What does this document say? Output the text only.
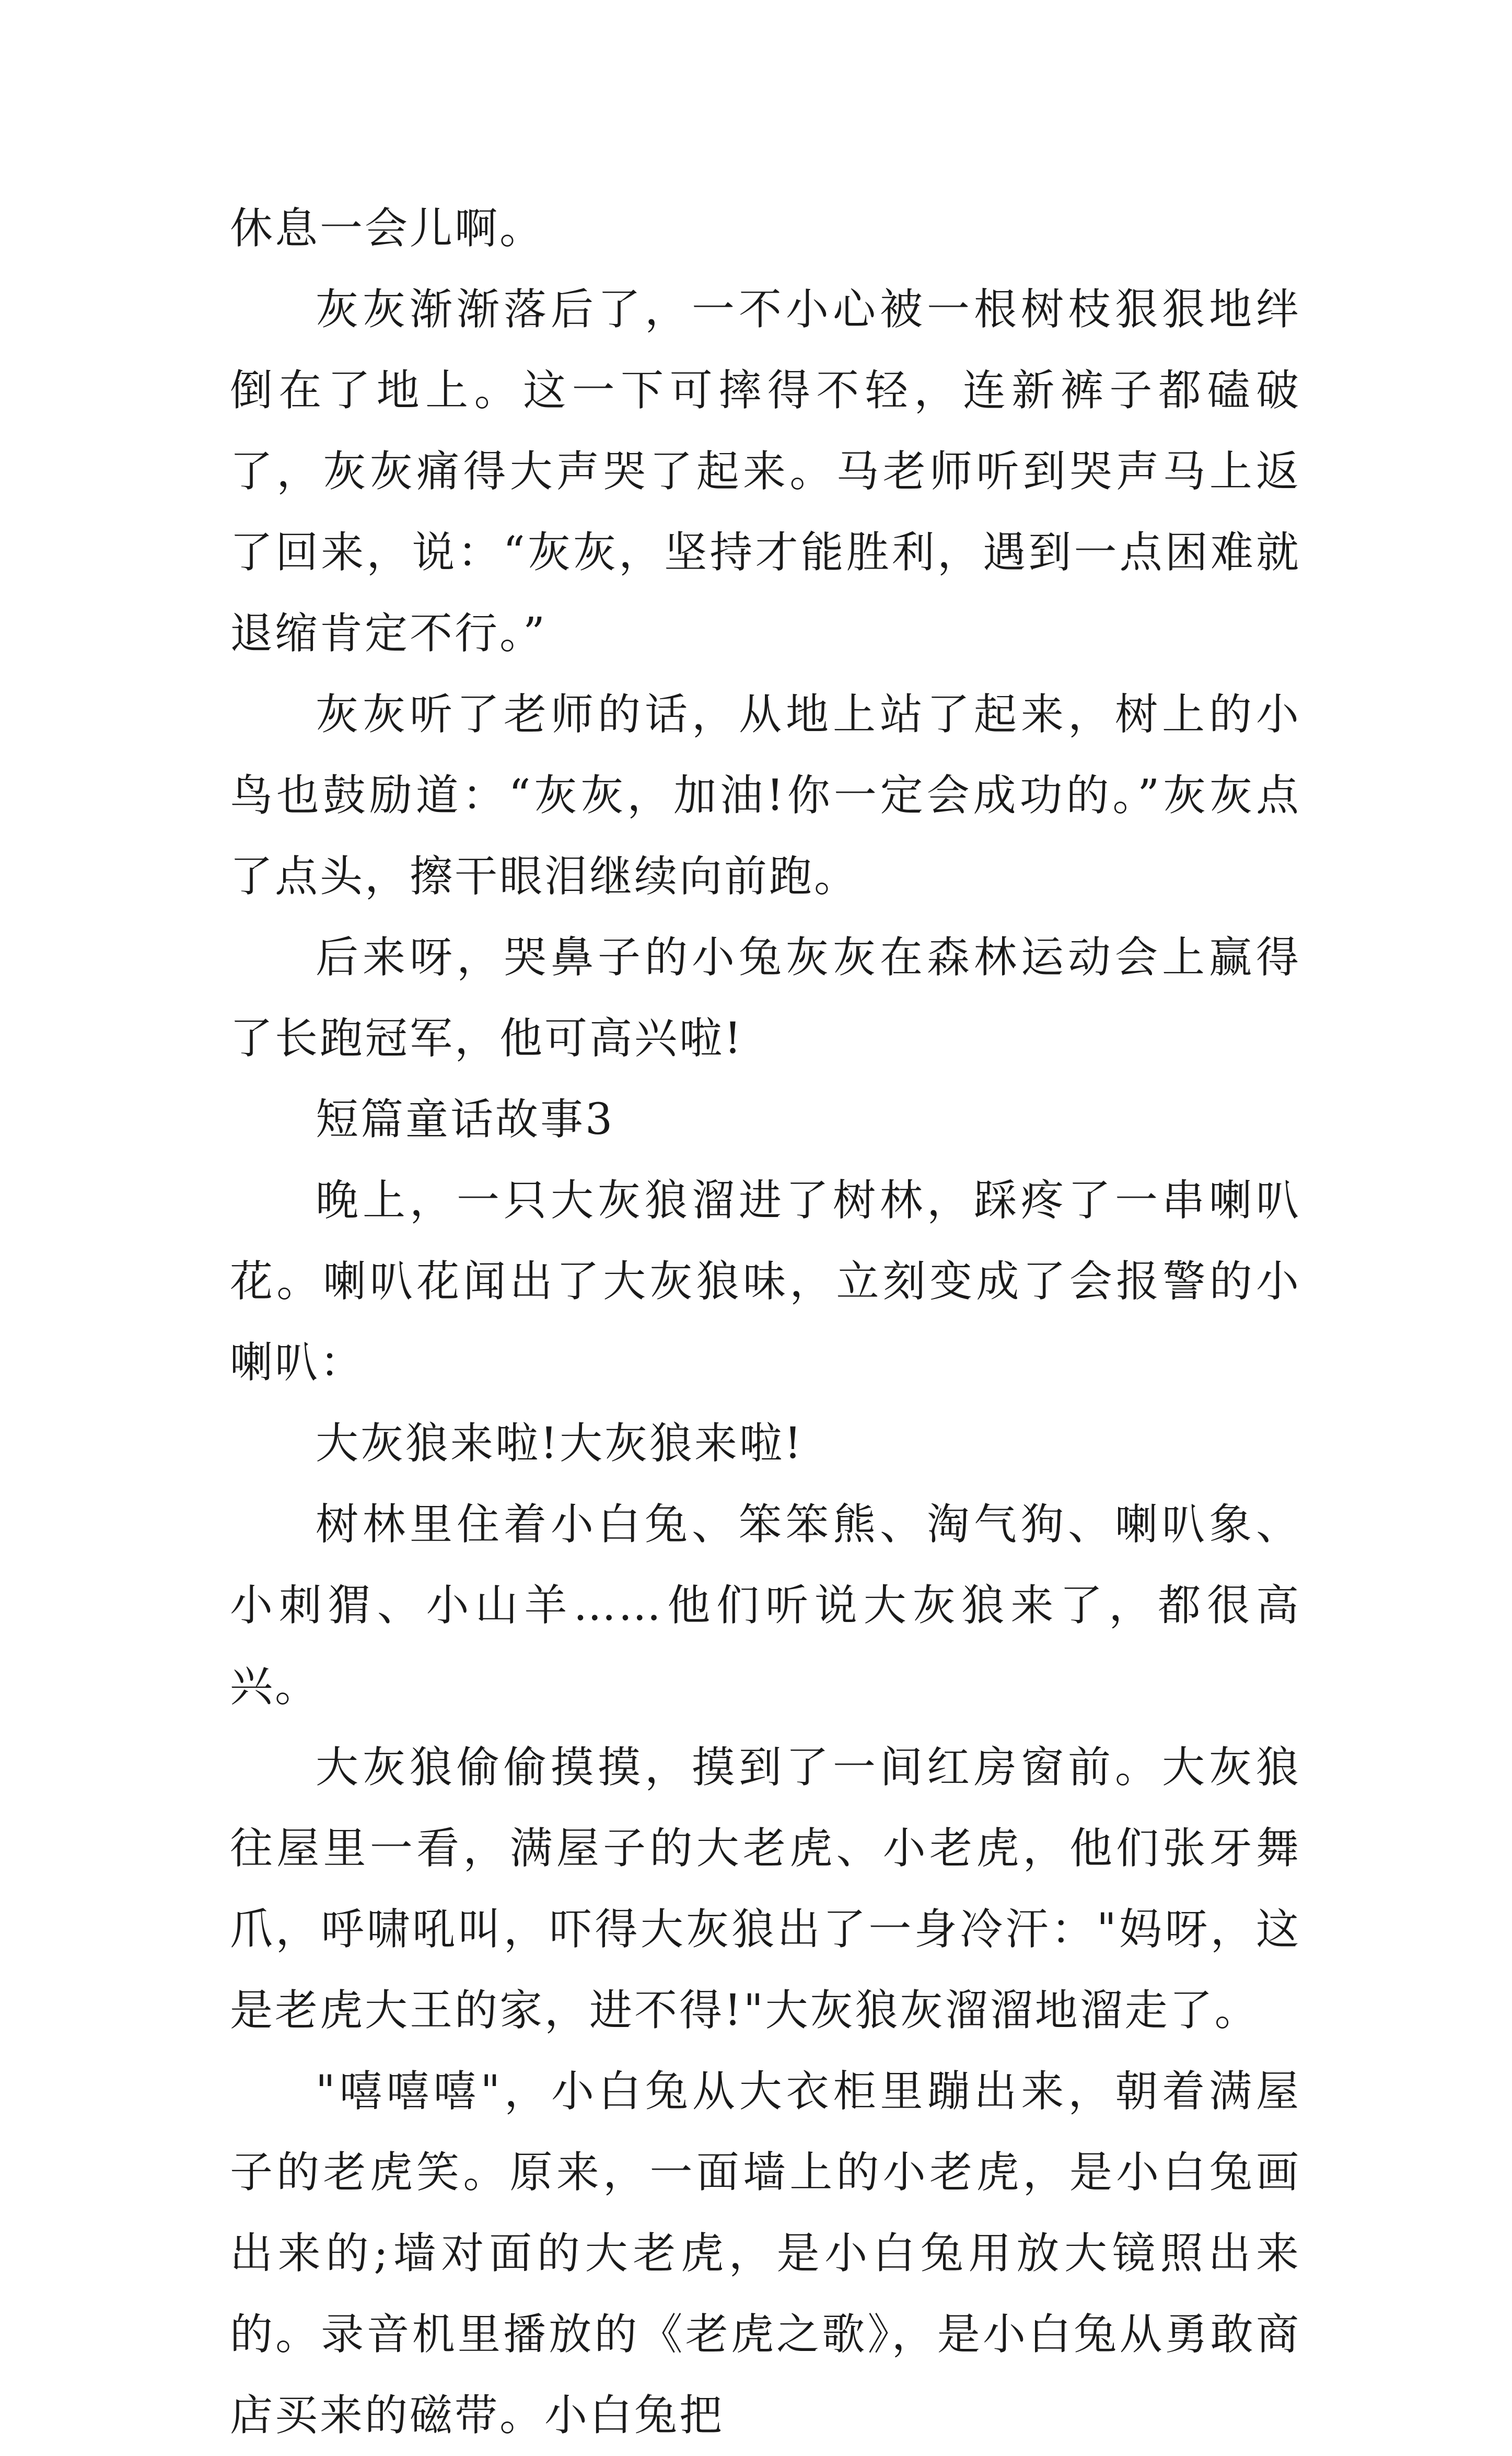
休息一会儿啊。

灰灰渐渐落后了，一不小心被一根树枝狠狠地绊倒在了地上。这一下可摔得不轻，连新裤子都磕破了，灰灰痛得大声哭了起来。马老师听到哭声马上返了回来，说：“灰灰，坚持才能胜利，遇到一点困难就退缩肯定不行。”

灰灰听了老师的话，从地上站了起来，树上的小鸟也鼓励道：“灰灰，加油!你一定会成功的。”灰灰点了点头，擦干眼泪继续向前跑。

后来呀，哭鼻子的小兔灰灰在森林运动会上赢得了长跑冠军，他可高兴啦!

短篇童话故事3

晚上，一只大灰狼溜进了树林，踩疼了一串喇叭花。喇叭花闻出了大灰狼味，立刻变成了会报警的小喇叭：

大灰狼来啦!大灰狼来啦!

树林里住着小白兔、笨笨熊、淘气狗、喇叭象、小刺猬、小山羊……他们听说大灰狼来了，都很高兴。

大灰狼偷偷摸摸，摸到了一间红房窗前。大灰狼往屋里一看，满屋子的大老虎、小老虎，他们张牙舞爪，呼啸吼叫，吓得大灰狼出了一身冷汗："妈呀，这是老虎大王的家，进不得!"大灰狼灰溜溜地溜走了。

"嘻嘻嘻"，小白兔从大衣柜里蹦出来，朝着满屋子的老虎笑。原来，一面墙上的小老虎，是小白兔画出来的;墙对面的大老虎，是小白兔用放大镜照出来的。录音机里播放的《老虎之歌》，是小白兔从勇敢商店买来的磁带。小白兔把
